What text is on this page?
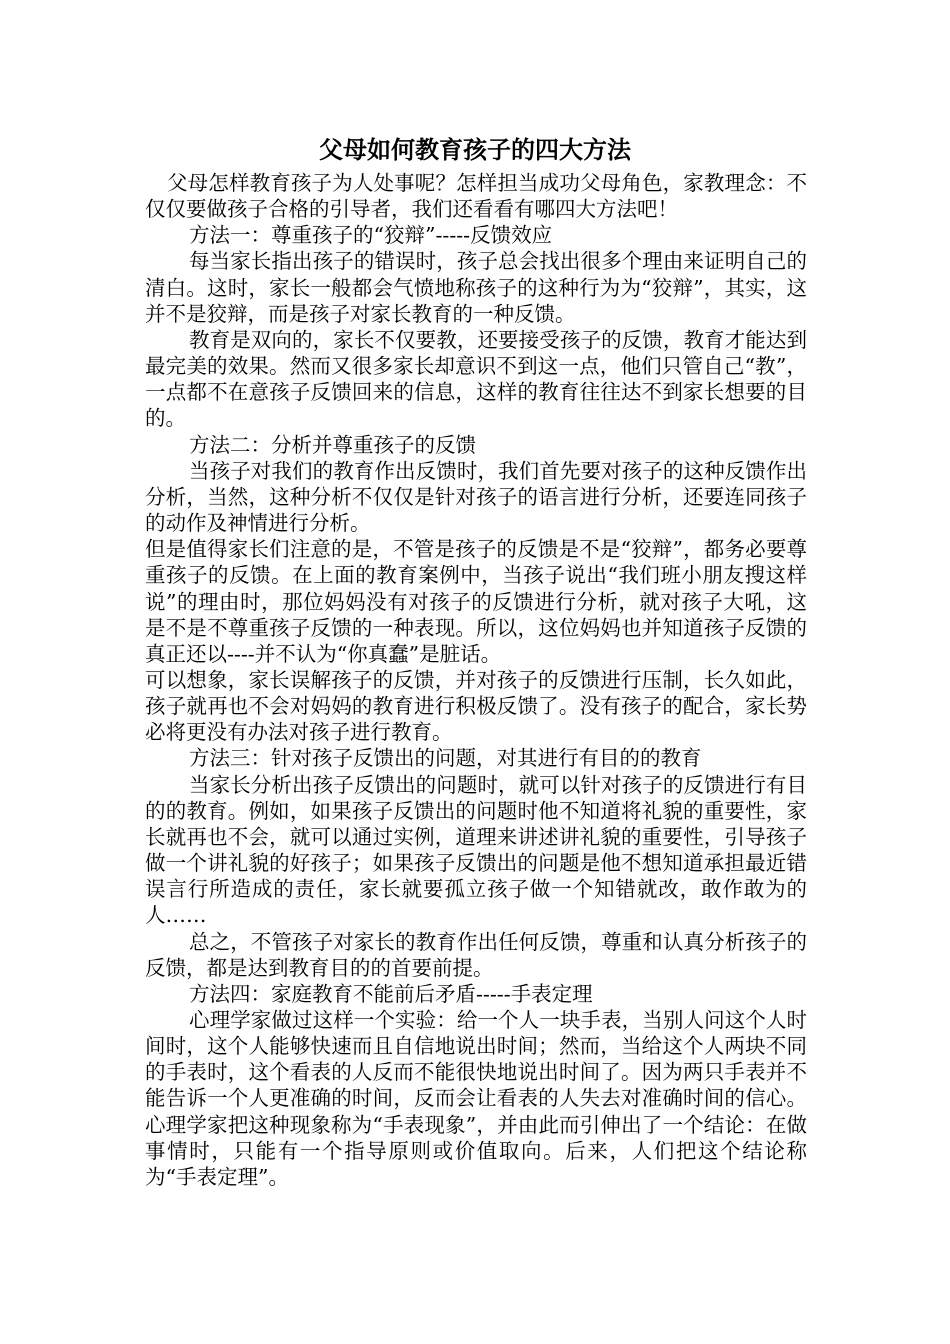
父母如何教育孩子的四大方法

父母怎样教育孩子为人处事呢？怎样担当成功父母角色，家教理念：不仅仅要做孩子合格的引导者，我们还看看有哪四大方法吧！

方法一：尊重孩子的“狡辩”-----反馈效应

每当家长指出孩子的错误时，孩子总会找出很多个理由来证明自己的清白。这时，家长一般都会气愤地称孩子的这种行为为“狡辩”，其实，这并不是狡辩，而是孩子对家长教育的一种反馈。

教育是双向的，家长不仅要教，还要接受孩子的反馈，教育才能达到最完美的效果。然而又很多家长却意识不到这一点，他们只管自己“教”，一点都不在意孩子反馈回来的信息，这样的教育往往达不到家长想要的目的。

方法二：分析并尊重孩子的反馈

当孩子对我们的教育作出反馈时，我们首先要对孩子的这种反馈作出分析，当然，这种分析不仅仅是针对孩子的语言进行分析，还要连同孩子的动作及神情进行分析。

但是值得家长们注意的是，不管是孩子的反馈是不是“狡辩”，都务必要尊重孩子的反馈。在上面的教育案例中，当孩子说出“我们班小朋友搜这样说”的理由时，那位妈妈没有对孩子的反馈进行分析，就对孩子大吼，这是不是不尊重孩子反馈的一种表现。所以，这位妈妈也并知道孩子反馈的真正还以----并不认为“你真蠢”是脏话。

可以想象，家长误解孩子的反馈，并对孩子的反馈进行压制，长久如此，孩子就再也不会对妈妈的教育进行积极反馈了。没有孩子的配合，家长势必将更没有办法对孩子进行教育。

方法三：针对孩子反馈出的问题，对其进行有目的的教育

当家长分析出孩子反馈出的问题时，就可以针对孩子的反馈进行有目的的教育。例如，如果孩子反馈出的问题时他不知道将礼貌的重要性，家长就再也不会，就可以通过实例，道理来讲述讲礼貌的重要性，引导孩子做一个讲礼貌的好孩子；如果孩子反馈出的问题是他不想知道承担最近错误言行所造成的责任，家长就要孤立孩子做一个知错就改，敢作敢为的人……

总之，不管孩子对家长的教育作出任何反馈，尊重和认真分析孩子的反馈，都是达到教育目的的首要前提。

方法四：家庭教育不能前后矛盾-----手表定理

心理学家做过这样一个实验：给一个人一块手表，当别人问这个人时间时，这个人能够快速而且自信地说出时间；然而，当给这个人两块不同的手表时，这个看表的人反而不能很快地说出时间了。因为两只手表并不能告诉一个人更准确的时间，反而会让看表的人失去对准确时间的信心。心理学家把这种现象称为“手表现象”，并由此而引伸出了一个结论：在做事情时，只能有一个指导原则或价值取向。后来，人们把这个结论称为“手表定理”。
